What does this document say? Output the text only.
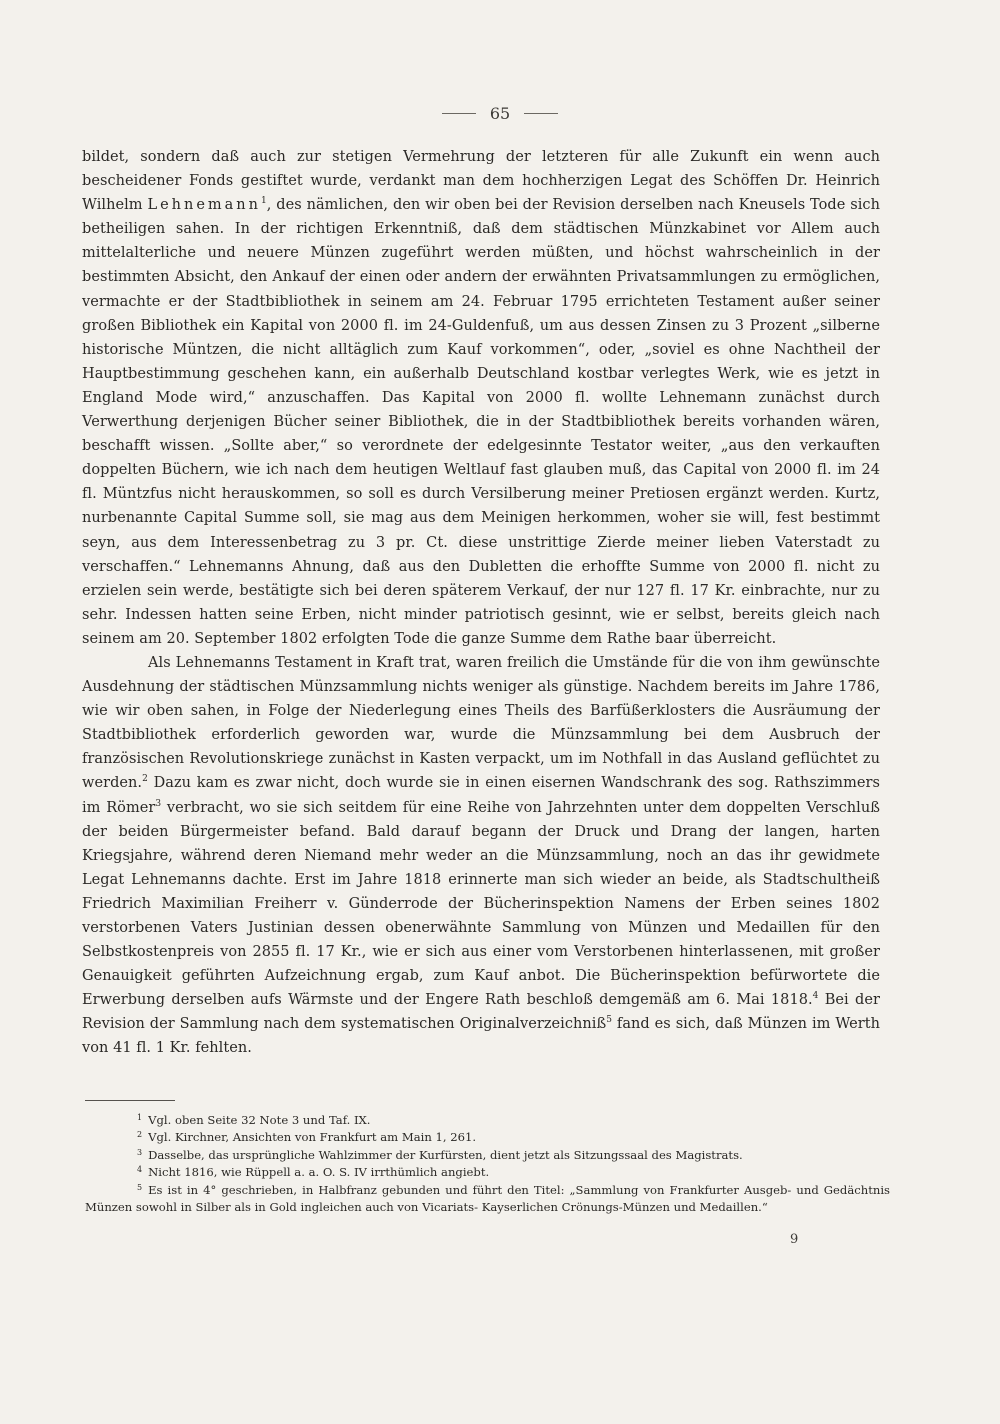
65

bildet, sondern daß auch zur stetigen Vermehrung der letzteren für alle Zukunft ein wenn auch bescheidener Fonds gestiftet wurde, verdankt man dem hochherzigen Legat des Schöffen Dr. Heinrich Wilhelm Lehnemann$^1$, des nämlichen, den wir oben bei der Revision derselben nach Kneusels Tode sich betheiligen sahen. In der richtigen Erkenntniß, daß dem städtischen Münzkabinet vor Allem auch mittelalterliche und neuere Münzen zugeführt werden müßten, und höchst wahrscheinlich in der bestimmten Absicht, den Ankauf der einen oder andern der erwähnten Privatsammlungen zu ermöglichen, vermachte er der Stadtbibliothek in seinem am 24. Februar 1795 errichteten Testament außer seiner großen Bibliothek ein Kapital von 2000 fl. im 24-Guldenfuß, um aus dessen Zinsen zu 3 Prozent „silberne historische Müntzen, die nicht alltäglich zum Kauf vorkommen“, oder, „soviel es ohne Nachtheil der Hauptbestimmung geschehen kann, ein außerhalb Deutschland kostbar verlegtes Werk, wie es jetzt in England Mode wird,“ anzuschaffen. Das Kapital von 2000 fl. wollte Lehnemann zunächst durch Verwerthung derjenigen Bücher seiner Bibliothek, die in der Stadtbibliothek bereits vorhanden wären, beschafft wissen. „Sollte aber,“ so verordnete der edelgesinnte Testator weiter, „aus den verkauften doppelten Büchern, wie ich nach dem heutigen Weltlauf fast glauben muß, das Capital von 2000 fl. im 24 fl. Müntzfus nicht herauskommen, so soll es durch Versilberung meiner Pretiosen ergänzt werden. Kurtz, nurbenannte Capital Summe soll, sie mag aus dem Meinigen herkommen, woher sie will, fest bestimmt seyn, aus dem Interessenbetrag zu 3 pr. Ct. diese unstrittige Zierde meiner lieben Vaterstadt zu verschaffen.“ Lehnemanns Ahnung, daß aus den Dubletten die erhoffte Summe von 2000 fl. nicht zu erzielen sein werde, bestätigte sich bei deren späterem Verkauf, der nur 127 fl. 17 Kr. einbrachte, nur zu sehr. Indessen hatten seine Erben, nicht minder patriotisch gesinnt, wie er selbst, bereits gleich nach seinem am 20. September 1802 erfolgten Tode die ganze Summe dem Rathe baar überreicht.

Als Lehnemanns Testament in Kraft trat, waren freilich die Umstände für die von ihm gewünschte Ausdehnung der städtischen Münzsammlung nichts weniger als günstige. Nachdem bereits im Jahre 1786, wie wir oben sahen, in Folge der Niederlegung eines Theils des Barfüßerklosters die Ausräumung der Stadtbibliothek erforderlich geworden war, wurde die Münzsammlung bei dem Ausbruch der französischen Revolutionskriege zunächst in Kasten verpackt, um im Nothfall in das Ausland geflüchtet zu werden.$^2$ Dazu kam es zwar nicht, doch wurde sie in einen eisernen Wandschrank des sog. Rathszimmers im Römer$^3$ verbracht, wo sie sich seitdem für eine Reihe von Jahrzehnten unter dem doppelten Verschluß der beiden Bürgermeister befand. Bald darauf begann der Druck und Drang der langen, harten Kriegsjahre, während deren Niemand mehr weder an die Münzsammlung, noch an das ihr gewidmete Legat Lehnemanns dachte. Erst im Jahre 1818 erinnerte man sich wieder an beide, als Stadtschultheiß Friedrich Maximilian Freiherr v. Günderrode der Bücherinspektion Namens der Erben seines 1802 verstorbenen Vaters Justinian dessen obenerwähnte Sammlung von Münzen und Medaillen für den Selbstkostenpreis von 2855 fl. 17 Kr., wie er sich aus einer vom Verstorbenen hinterlassenen, mit großer Genauigkeit geführten Aufzeichnung ergab, zum Kauf anbot. Die Bücherinspektion befürwortete die Erwerbung derselben aufs Wärmste und der Engere Rath beschloß demgemäß am 6. Mai 1818.$^4$ Bei der Revision der Sammlung nach dem systematischen Originalverzeichniß$^5$ fand es sich, daß Münzen im Werth von 41 fl. 1 Kr. fehlten.

$^1$ Vgl. oben Seite 32 Note 3 und Taf. IX.
$^2$ Vgl. Kirchner, Ansichten von Frankfurt am Main 1, 261.
$^3$ Dasselbe, das ursprüngliche Wahlzimmer der Kurfürsten, dient jetzt als Sitzungssaal des Magistrats.
$^4$ Nicht 1816, wie Rüppell a. a. O. S. IV irrthümlich angiebt.
$^5$ Es ist in 4° geschrieben, in Halbfranz gebunden und führt den Titel: „Sammlung von Frankfurter Ausgeb- und Gedächtnis Münzen sowohl in Silber als in Gold ingleichen auch von Vicariats- Kayserlichen Crönungs-Münzen und Medaillen.“
9
